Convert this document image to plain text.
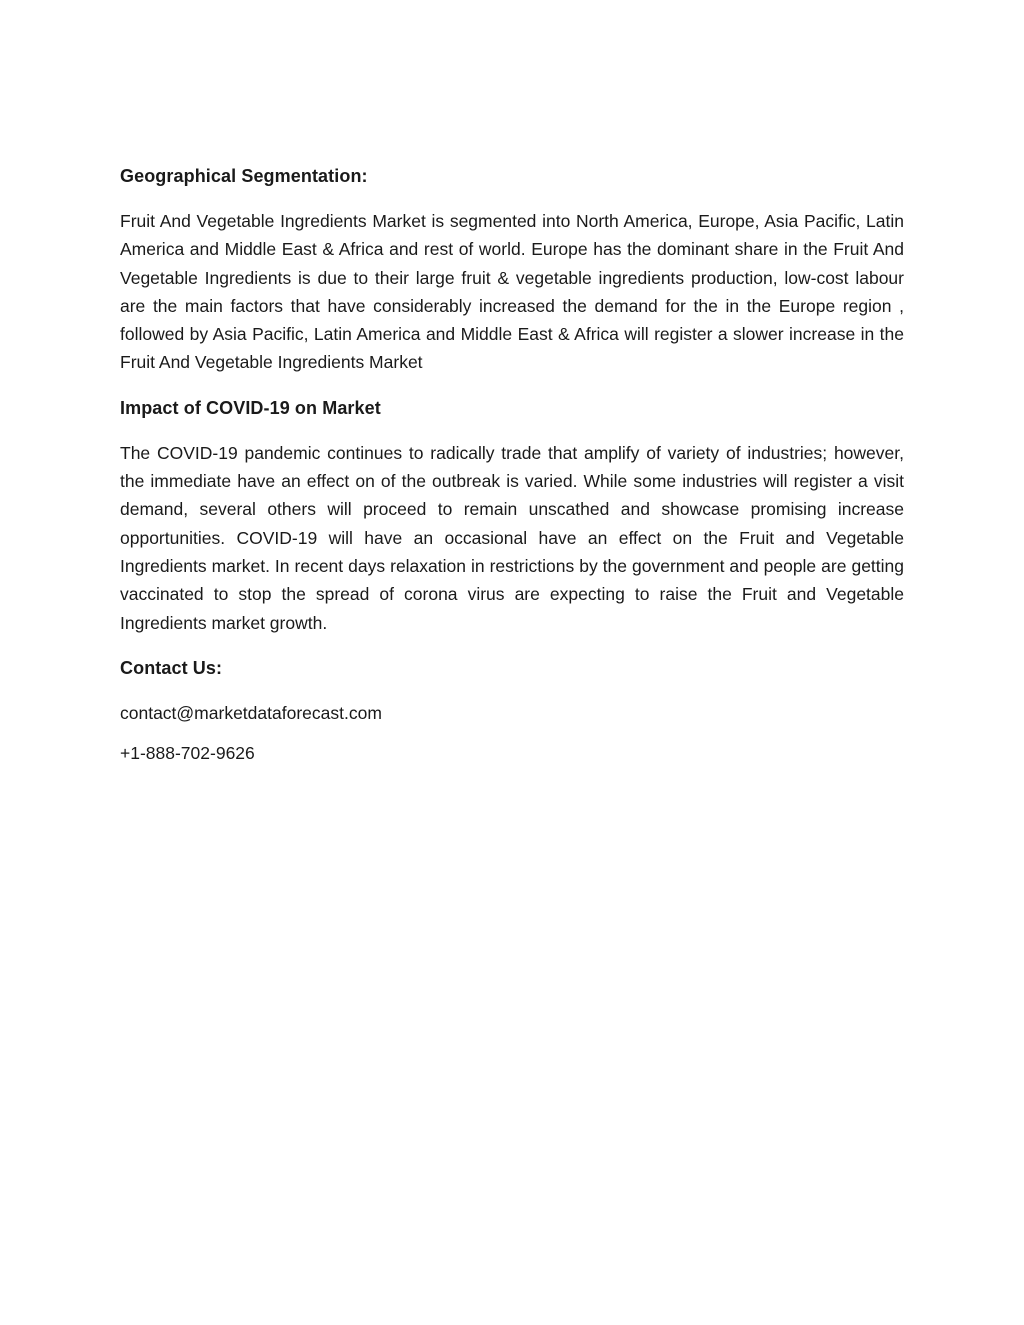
Geographical Segmentation:

Fruit And Vegetable Ingredients Market is segmented into North America, Europe, Asia Pacific, Latin America and Middle East & Africa and rest of world. Europe has the dominant share in the Fruit And Vegetable Ingredients is due to their large fruit & vegetable ingredients production, low-cost labour are the main factors that have considerably increased the demand for the in the Europe region , followed by Asia Pacific, Latin America and Middle East & Africa will register a slower increase in the Fruit And Vegetable Ingredients Market

Impact of COVID-19 on Market

The COVID-19 pandemic continues to radically trade that amplify of variety of industries; however, the immediate have an effect on of the outbreak is varied. While some industries will register a visit demand, several others will proceed to remain unscathed and showcase promising increase opportunities. COVID-19 will have an occasional have an effect on the Fruit and Vegetable Ingredients market. In recent days relaxation in restrictions by the government and people are getting vaccinated to stop the spread of corona virus are expecting to raise the Fruit and Vegetable Ingredients market growth.

Contact Us:

contact@marketdataforecast.com

+1-888-702-9626
